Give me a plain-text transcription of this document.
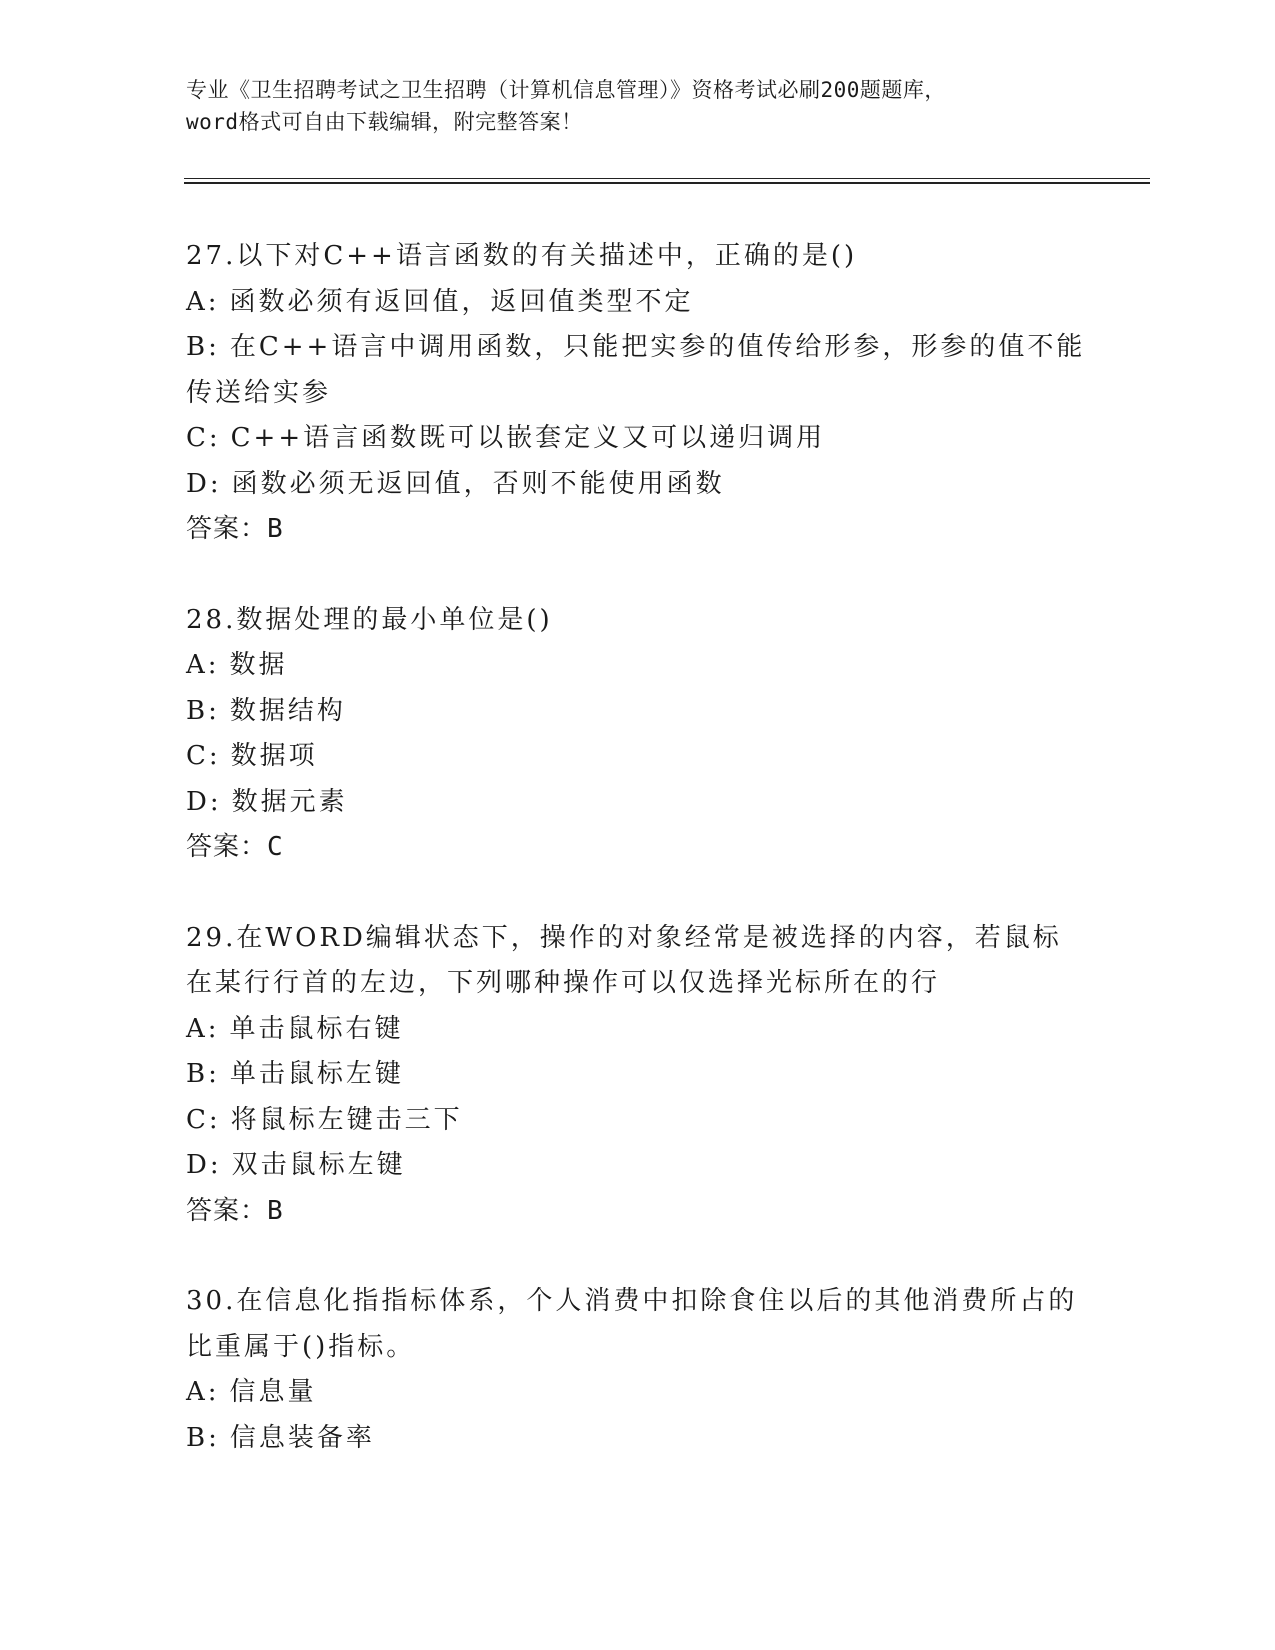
专业《卫生招聘考试之卫生招聘（计算机信息管理）》资格考试必刷200题题库，
word格式可自由下载编辑，附完整答案！

27.以下对C++语言函数的有关描述中，正确的是()

A: 函数必须有返回值，返回值类型不定

B: 在C++语言中调用函数，只能把实参的值传给形参，形参的值不能传送给实参

C: C++语言函数既可以嵌套定义又可以递归调用

D: 函数必须无返回值，否则不能使用函数

答案：B

28.数据处理的最小单位是()

A: 数据

B: 数据结构

C: 数据项

D: 数据元素

答案：C

29.在WORD编辑状态下，操作的对象经常是被选择的内容，若鼠标在某行行首的左边，下列哪种操作可以仅选择光标所在的行

A: 单击鼠标右键

B: 单击鼠标左键

C: 将鼠标左键击三下

D: 双击鼠标左键

答案：B

30.在信息化指指标体系，个人消费中扣除食住以后的其他消费所占的比重属于()指标。

A: 信息量

B: 信息装备率
